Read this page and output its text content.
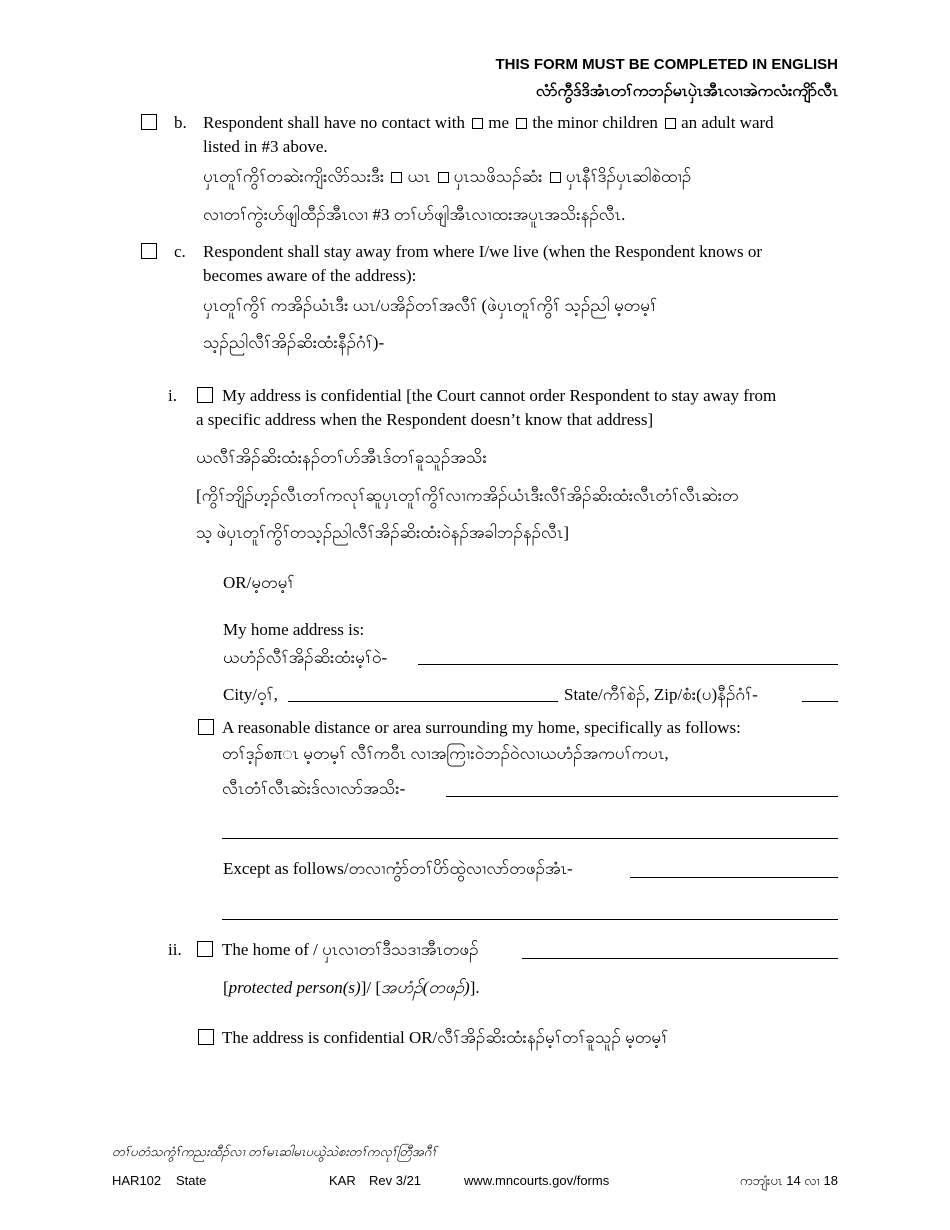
THIS FORM MUST BE COMPLETED IN ENGLISH
လံာ်ကွီဒ်ဒိအံၤတၢ်ကဘၣ်မၤပှဲၤအီၤလၢအဲကလံးကျိာ်လီၤ
b. Respondent shall have no contact with me the minor children an adult ward
listed in #3 above.
ပှၤတူၢ်ကွိၢ်တဆဲးကျိးလိာ်သးဒီး ယၤ ပှၤသဖိသၣ်ဆံး ပှၤနီၢ်ဒိၣ်ပှၤဆါစဲထၢၣ်
လၢတၢ်ကွဲးဟ်ဖျါထီၣ်အီၤလၢ #3 တၢ်ဟ်ဖျါအီၤလၢထးအပူၤအသိးနၣ်လီၤ.
c. Respondent shall stay away from where I/we live (when the Respondent knows or
becomes aware of the address):
ပှၤတူၢ်ကွိၢ် ကအိၣ်ယံၤဒီး ယၤ/ပအိၣ်တၢ်အလီၢ် (ဖဲပှၤတူၢ်ကွိၢ် သ့ၣ်ညါ မ့တမ့ၢ်
သ့ၣ်ညါလီၢ်အိၣ်ဆိးထံးနီၣ်ဂံၢ်)-
i.	My address is confidential [the Court cannot order Respondent to stay away from
a specific address when the Respondent doesn’t know that address]
ယလီၢ်အိၣ်ဆိးထံးနၣ်တၢ်ဟ်အီၤဒ်တၢ်ခူသူၣ်အသိး
[ကွိၢ်ဘျိၣ်ဟ့ၣ်လီၤတၢ်ကလုၢ်ဆူပှၤတူၢ်ကွိၢ်လၢကအိၣ်ယံၤဒီးလီၢ်အိၣ်ဆိးထံးလီၤတံၢ်လီၤဆဲးတ
သ့ ဖဲပှၤတူၢ်ကွိၢ်တသ့ၣ်ညါလီၢ်အိၣ်ဆိးထံးဝဲနၣ်အခါဘၣ်နၣ်လီၤ]
OR/မ့တမ့ၢ်
My home address is:
ယဟံၣ်လီၢ်အိၣ်ဆိးထံးမ့ၢ်ဝဲ-
City/ဝ့ၢ်,	State/ကီၢ်စဲၣ်, Zip/စံး(ပ)နီၣ်ဂံၢ်-
A reasonable distance or area surrounding my home, specifically as follows:
တၢ်ဒ့ၣ်စπၤ မ့တမ့ၢ် လီၢ်ကဝီၤ လၢအကြၢးဝဲဘၣ်ဝဲလၢယဟံၣ်အကပၢ်ကပၤ,
လီၤတံၢ်လီၤဆဲးဒ်လၢလာ်အသိး-
Except as follows/တလၢကွံာ်တၢ်ပိာ်ထွဲလၢလာ်တဖၣ်အံၤ-
ii. The home of / ပှၤလၢတၢ်ဒီသဒၢအီၤတဖၣ်
[protected person(s)]/ [အဟံၣ်(တဖၣ်)].
The address is confidential OR/လီၢ်အိၣ်ဆိးထံးနၣ်မ့ၢ်တၢ်ခူသူၣ် မ့တမ့ၢ်
တၢ်ပတံသကွံၢ်ကညးထီၣ်လၢ တၢ်မၤဆါမၤပယွဲသဲစးတၢ်ကလုၢ်တြီအဂီၢ်
HAR102 State	KAR Rev 3/21	www.mncourts.gov/forms	ကဘျံးပၤ 14 လၢ 18
